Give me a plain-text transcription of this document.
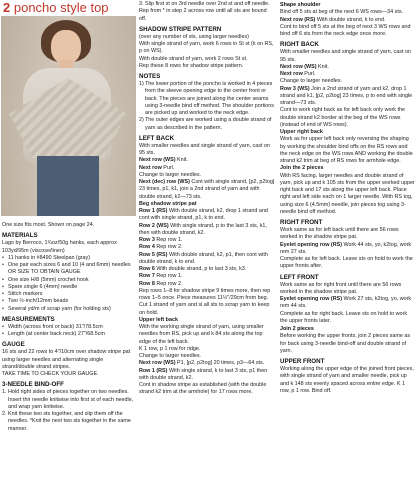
2 poncho style top

One size fits most. Shown on page 24.

MATERIALS

Lago by Berroco, 1¾oz/50g hanks, each approx 103yd/95m (viscose/linen)

• 11 hanks in #8490 Steelpan (gray)
• One pair each sizes 6 and 10 (4 and 6mm) needles OR SIZE TO OBTAIN GAUGE
• One size H/8 (5mm) crochet hook
• Spare single 6 (4mm) needle
• Stitch markers
• Two ½-inch/12mm beads
• Several yd/m of scrap yarn (for holding sts)
MEASUREMENTS
• Width (across front or back) 31"/78.5cm
• Length (at center back neck) 27"/68.5cm
GAUGE

16 sts and 22 rows to 4"/10cm over shadow stripe pat using larger needles and alternating single strand/double strand stripes.

TAKE TIME TO CHECK YOUR GAUGE.

3-NEEDLE BIND-OFF
1. Hold right sides of pieces together on two needles. Insert thir needle knitwise into first st of each needle, and wrap yarn knitwise.
2. Knit these two sts together, and slip them off the needles. *Knit the next two sts together in the same manner.

3. Slip first st on 3rd needle over 2nd st and off needle. Rep from * in step 2 across row until all sts are bound off.

SHADOW STRIPE PATTERN

(over any number of sts, using larger needles)

With single strand of yarn, work 6 rows in St st (k on RS, p on WS).

With double strand of yarn, work 2 rows St st.

Rep these 8 rows for shadow stripe pattern.

NOTES
1) The lower portion of the poncho is worked in 4 pieces from the sleeve opening edge to the center front or back. The pieces are joined along the center seams using 3-needle bind off method. The shoulder portions are picked up and worked to the neck edge.
2) The outer edges are worked using a double strand of yarn as described in the pattern.
LEFT BACK

With smaller needles and single strand of yarn, cast on 95 sts.

Next row (WS) Knit.

Next row Purl.

Change to larger needles.

Next (dec) row (WS) Cont with single strand, [p2, p2tog] 23 times, p1, k1, join a 2nd strand of yarn and with double strand, k2—73 sts.

Beg shadow stripe pat

Row 1 (RS) With double strand, k2, drop 1 strand and cont with single strand, p1, k to end.

Row 2 (WS) With single strand, p to the last 3 sts, k1, then with double strand, k2.

Row 3 Rep row 1.

Row 4 Rep row 2.

Row 5 (RS) With double strand, k2, p1, then cont with double strand, k to end.

Row 6 With double strand, p to last 3 sts, k3.

Row 7 Rep row 1.

Row 8 Rep row 2.

Rep rows 1–8 for shadow stripe 9 times more, then rep rows 1–5 once. Piece measures 11½"/29cm from beg. Cut 1 strand of yarn and sl all sts to scrap yarn to keep on hold.

Upper left back

With the working single strand of yarn, using smaller needles from RS, pick up and k 84 sts along the top edge of the left back.

K 1 row, p 1 row for ridge.

Change to larger needles.

Next row (WS) P1, [p2, p2tog] 20 times, p3—64 sts.

Row 1 (RS) With single strand, k to last 3 sts, p1 then with double strand, k2.

Cont in shadow stripe as established (with the double strand k2 trim at the armhole) for 17 rows more.

Shape shoulder

Bind off 5 sts at beg of the next 6 WS rows—34 sts.

Next row (RS) With double strand, k to end.

Cont to bind off 5 sts at the beg of next 3 WS rows and bind off 6 sts from the neck edge once more.

RIGHT BACK

With smaller needles and single strand of yarn, cast on 95 sts.

Next row (WS) Knit.

Next row Purl.

Change to larger needles.

Row 3 (WS) Join a 2nd strand of yarn and k2, drop 1 strand and k1, [p2, p2tog] 23 times, p to end with single strand—73 sts.

Cont to work right back as for left back only work the double strand k2 border at the beg of the WS rows (instead of end of WS rows).

Upper right back

Work as for upper left back only reversing the shaping by working the shoulder bind offs on the RS rows and the neck edge on the WS rows AND working the double strand k2 trim at beg of RS rows for armhole edge.

Join the 2 pieces

With RS facing, larger needles and double strand of yarn, pick up and k 105 sts from the upper worked upper right back and 17 sts along the upper left back. Place right and left side each on 1 larger needle. With RS tog, using size 6 (4.5mm) needle, join pieces tog using 3-needle bind off method.

RIGHT FRONT

Work same as for left back until there are 56 rows worked in the shadow stripe pat.

Eyelet opening row (RS) Work 44 sts, yo, k2tog, work rem 27 sts.

Complete as for left back. Leave sts on hold to work the upper fronts after.

LEFT FRONT

Work same as for right front until there are 56 rows worked in the shadow stripe pat.

Eyelet opening row (RS) Work 27 sts, k2tog, yo, work rem 44 sts.

Complete as for right back. Leave sts on hold to work the upper fronts later.

Join 2 pieces

Before working the upper fronts, join 2 pieces same as for back using 3-needle bind-off and double strand of yarn.

UPPER FRONT

Working along the upper edge of the joined front pieces, with single strand of yarn and smaller needle, pick up and k 148 sts evenly spaced across entire edge. K 1 row, p 1 row. Bind off.
